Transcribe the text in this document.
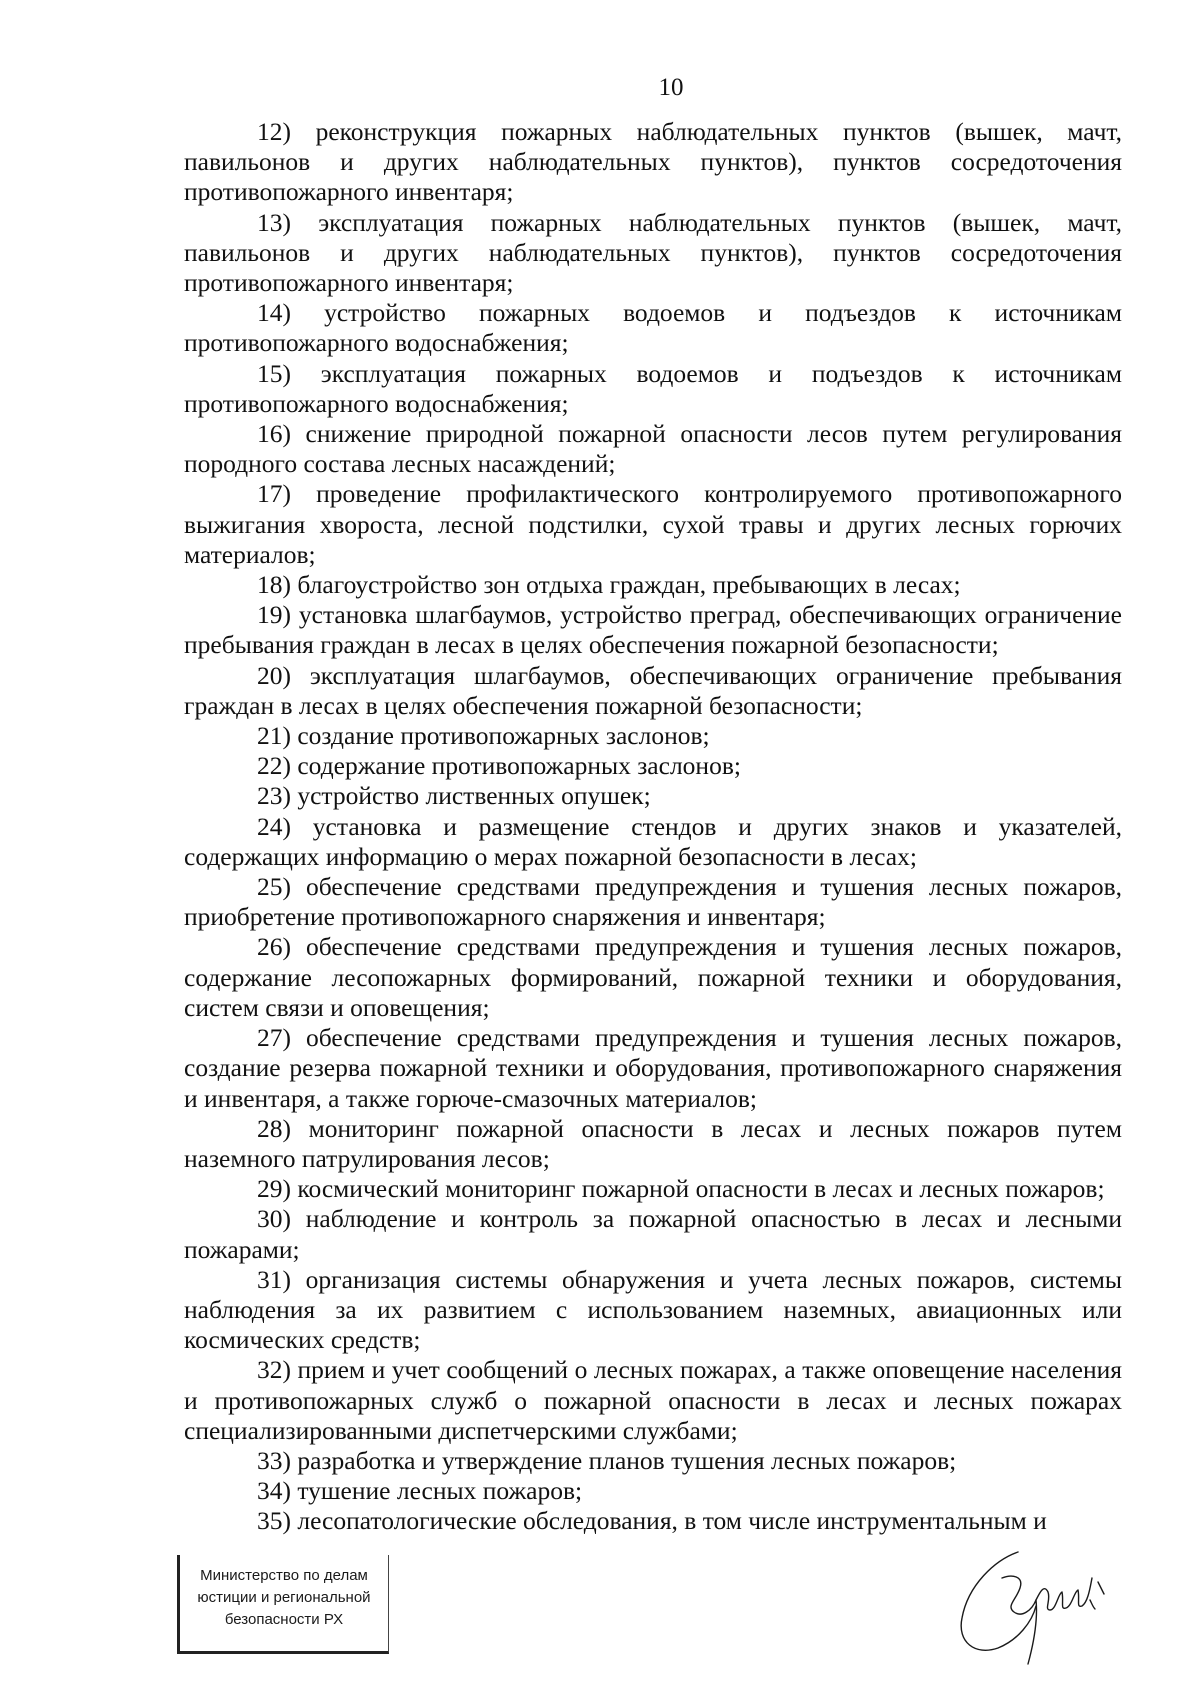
10

12) реконструкция пожарных наблюдательных пунктов (вышек, мачт, павильонов и других наблюдательных пунктов), пунктов сосредоточения противопожарного инвентаря;

13) эксплуатация пожарных наблюдательных пунктов (вышек, мачт, павильонов и других наблюдательных пунктов), пунктов сосредоточения противопожарного инвентаря;

14) устройство пожарных водоемов и подъездов к источникам противопожарного водоснабжения;

15) эксплуатация пожарных водоемов и подъездов к источникам противопожарного водоснабжения;

16) снижение природной пожарной опасности лесов путем регулирования породного состава лесных насаждений;

17) проведение профилактического контролируемого противопожарного выжигания хвороста, лесной подстилки, сухой травы и других лесных горючих материалов;

18) благоустройство зон отдыха граждан, пребывающих в лесах;

19) установка шлагбаумов, устройство преград, обеспечивающих ограничение пребывания граждан в лесах в целях обеспечения пожарной безопасности;

20) эксплуатация шлагбаумов, обеспечивающих ограничение пребывания граждан в лесах в целях обеспечения пожарной безопасности;

21) создание противопожарных заслонов;

22) содержание противопожарных заслонов;

23) устройство лиственных опушек;

24) установка и размещение стендов и других знаков и указателей, содержащих информацию о мерах пожарной безопасности в лесах;

25) обеспечение средствами предупреждения и тушения лесных пожаров, приобретение противопожарного снаряжения и инвентаря;

26) обеспечение средствами предупреждения и тушения лесных пожаров, содержание лесопожарных формирований, пожарной техники и оборудования, систем связи и оповещения;

27) обеспечение средствами предупреждения и тушения лесных пожаров, создание резерва пожарной техники и оборудования, противопожарного снаряжения и инвентаря, а также горюче-смазочных материалов;

28) мониторинг пожарной опасности в лесах и лесных пожаров путем наземного патрулирования лесов;

29) космический мониторинг пожарной опасности в лесах и лесных пожаров;

30) наблюдение и контроль за пожарной опасностью в лесах и лесными пожарами;

31) организация системы обнаружения и учета лесных пожаров, системы наблюдения за их развитием с использованием наземных, авиационных или космических средств;

32) прием и учет сообщений о лесных пожарах, а также оповещение населения и противопожарных служб о пожарной опасности в лесах и лесных пожарах специализированными диспетчерскими службами;

33) разработка и утверждение планов тушения лесных пожаров;

34) тушение лесных пожаров;

35) лесопатологические обследования, в том числе инструментальным и

Министерство по делам
юстиции и региональной
безопасности РХ
